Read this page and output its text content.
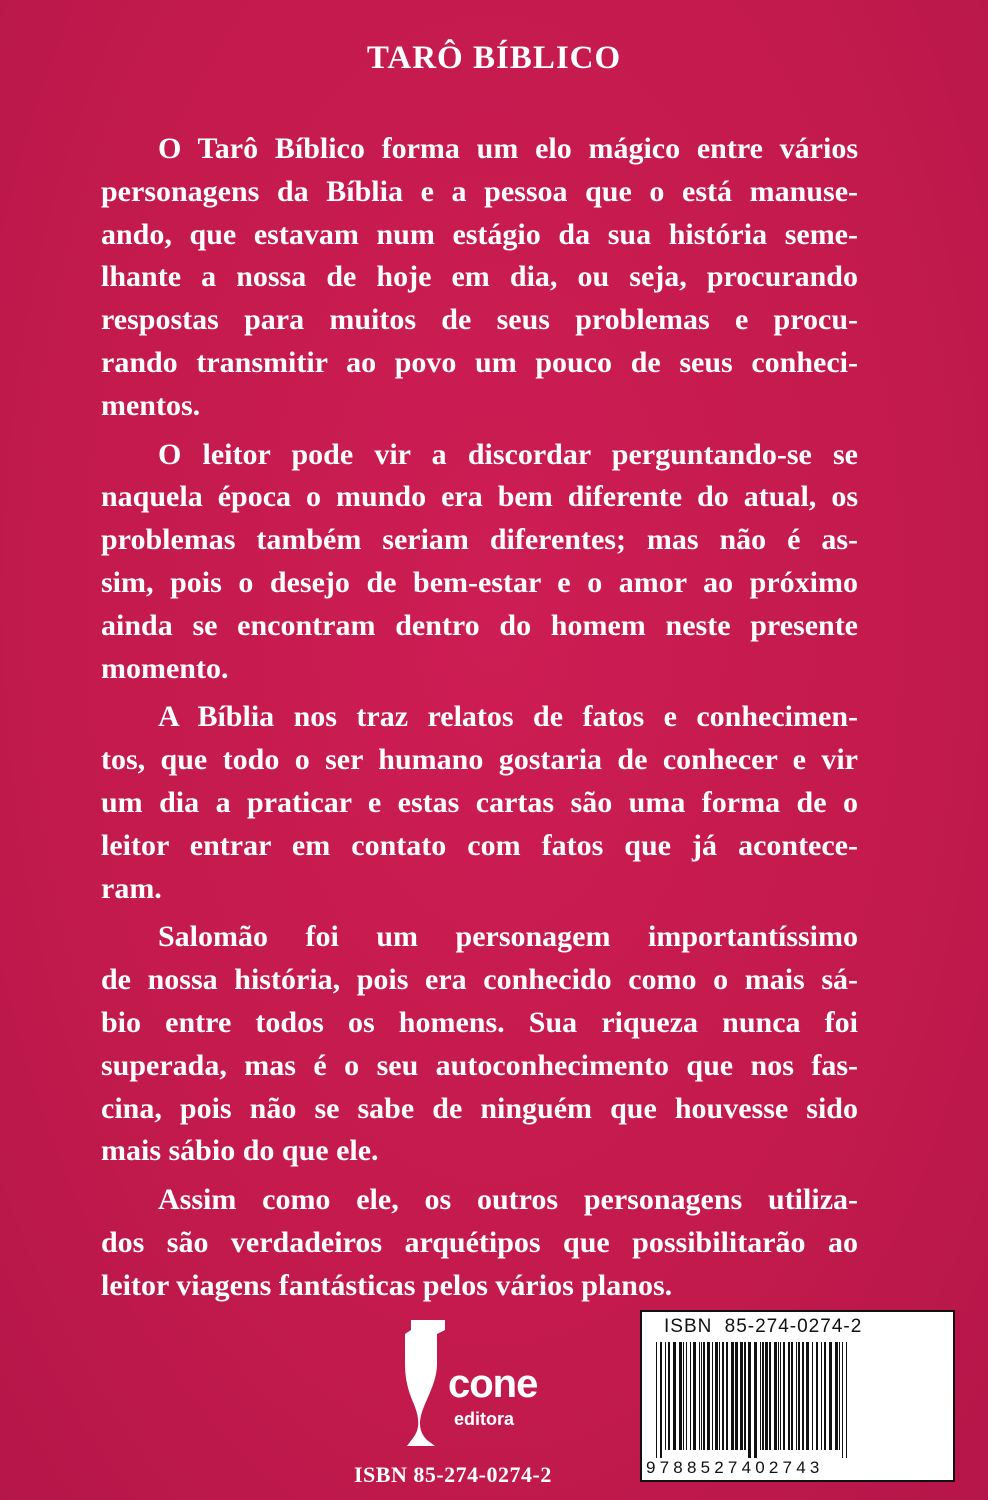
TARÔ BÍBLICO
O Tarô Bíblico forma um elo mágico entre vários
personagens da Bíblia e a pessoa que o está manuse-
ando, que estavam num estágio da sua história seme-
lhante a nossa de hoje em dia, ou seja, procurando
respostas para muitos de seus problemas e procu-
rando transmitir ao povo um pouco de seus conheci-
mentos.
O leitor pode vir a discordar perguntando-se se
naquela época o mundo era bem diferente do atual, os
problemas também seriam diferentes; mas não é as-
sim, pois o desejo de bem-estar e o amor ao próximo
ainda se encontram dentro do homem neste presente
momento.
A Bíblia nos traz relatos de fatos e conhecimen-
tos, que todo o ser humano gostaria de conhecer e vir
um dia a praticar e estas cartas são uma forma de o
leitor entrar em contato com fatos que já acontece-
ram.
Salomão foi um personagem importantíssimo
de nossa história, pois era conhecido como o mais sá-
bio entre todos os homens. Sua riqueza nunca foi
superada, mas é o seu autoconhecimento que nos fas-
cina, pois não se sabe de ninguém que houvesse sido
mais sábio do que ele.
Assim como ele, os outros personagens utiliza-
dos são verdadeiros arquétipos que possibilitarão ao
leitor viagens fantásticas pelos vários planos.
cone
editora
ISBN 85-274-0274-2
ISBN 85-274-0274-2
9788527402743
